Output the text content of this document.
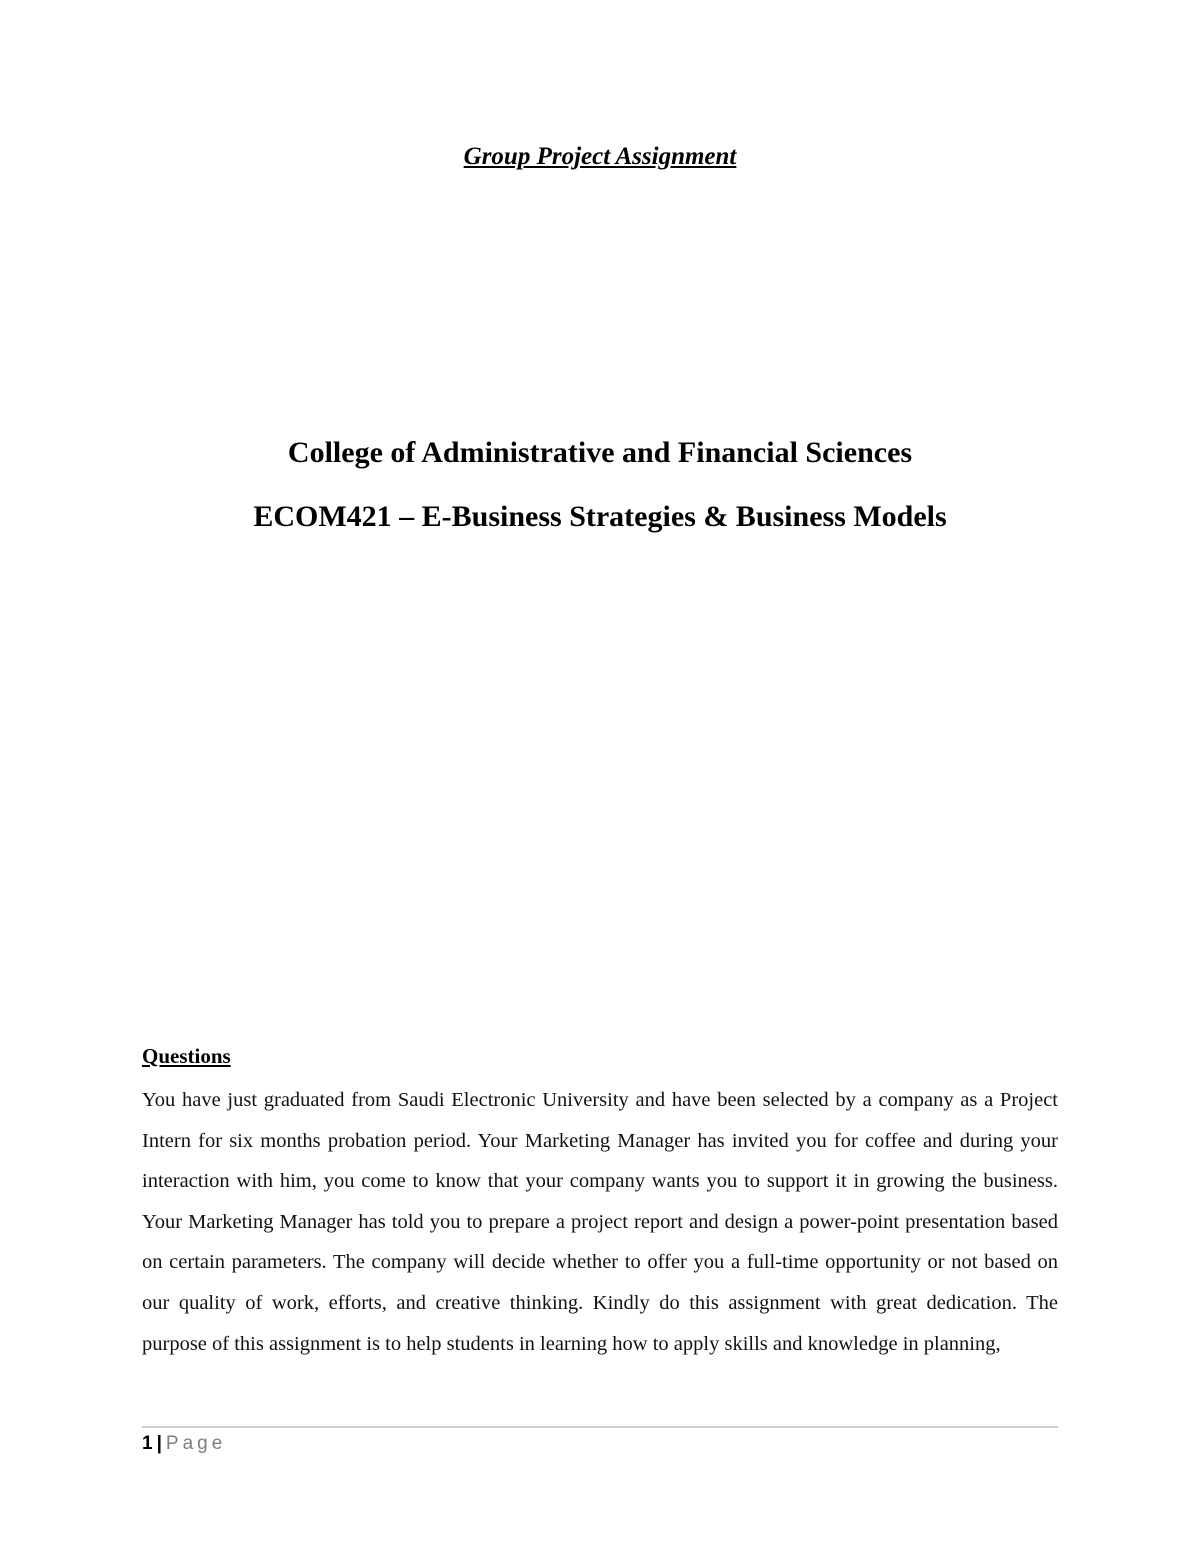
Group Project Assignment
College of Administrative and Financial Sciences
ECOM421 – E-Business Strategies & Business Models
Questions

You have just graduated from Saudi Electronic University and have been selected by a company as a Project Intern for six months probation period. Your Marketing Manager has invited you for coffee and during your interaction with him, you come to know that your company wants you to support it in growing the business. Your Marketing Manager has told you to prepare a project report and design a power-point presentation based on certain parameters. The company will decide whether to offer you a full-time opportunity or not based on our quality of work, efforts, and creative thinking. Kindly do this assignment with great dedication. The purpose of this assignment is to help students in learning how to apply skills and knowledge in planning,

1 | Page
